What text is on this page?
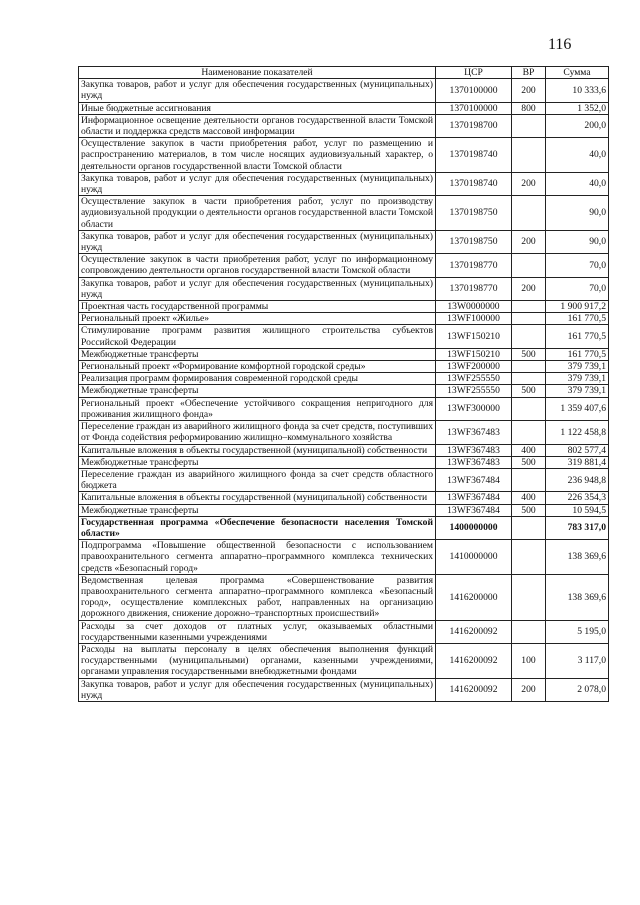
116
Наименование показателей	ЦСР	ВР	Сумма
Закупка товаров, работ и услуг для обеспечения государственных (муниципальных) нужд	1370100000	200	10 333,6
Иные бюджетные ассигнования	1370100000	800	1 352,0
Информационное освещение деятельности органов государственной власти Томской области и поддержка средств массовой информации	1370198700		200,0
Осуществление закупок в части приобретения работ, услуг по размещению и распространению материалов, в том числе носящих аудиовизуальный характер, о деятельности органов государственной власти Томской области	1370198740		40,0
Закупка товаров, работ и услуг для обеспечения государственных (муниципальных) нужд	1370198740	200	40,0
Осуществление закупок в части приобретения работ, услуг по производству аудиовизуальной продукции о деятельности органов государственной власти Томской области	1370198750		90,0
Закупка товаров, работ и услуг для обеспечения государственных (муниципальных) нужд	1370198750	200	90,0
Осуществление закупок в части приобретения работ, услуг по информационному сопровождению деятельности органов государственной власти Томской области	1370198770		70,0
Закупка товаров, работ и услуг для обеспечения государственных (муниципальных) нужд	1370198770	200	70,0
Проектная часть государственной программы	13W0000000		1 900 917,2
Региональный проект «Жилье»	13WF100000		161 770,5
Стимулирование программ развития жилищного строительства субъектов Российской Федерации	13WF150210		161 770,5
Межбюджетные трансферты	13WF150210	500	161 770,5
Региональный проект «Формирование комфортной городской среды»	13WF200000		379 739,1
Реализация программ формирования современной городской среды	13WF255550		379 739,1
Межбюджетные трансферты	13WF255550	500	379 739,1
Региональный проект «Обеспечение устойчивого сокращения непригодного для проживания жилищного фонда»	13WF300000		1 359 407,6
Переселение граждан из аварийного жилищного фонда за счет средств, поступивших от Фонда содействия реформированию жилищно–коммунального хозяйства	13WF367483		1 122 458,8
Капитальные вложения в объекты государственной (муниципальной) собственности	13WF367483	400	802 577,4
Межбюджетные трансферты	13WF367483	500	319 881,4
Переселение граждан из аварийного жилищного фонда за счет средств областного бюджета	13WF367484		236 948,8
Капитальные вложения в объекты государственной (муниципальной) собственности	13WF367484	400	226 354,3
Межбюджетные трансферты	13WF367484	500	10 594,5
Государственная программа «Обеспечение безопасности населения Томской области»	1400000000		783 317,0
Подпрограмма «Повышение общественной безопасности с использованием правоохранительного сегмента аппаратно–программного комплекса технических средств «Безопасный город»	1410000000		138 369,6
Ведомственная целевая программа «Совершенствование развития правоохранительного сегмента аппаратно–программного комплекса «Безопасный город», осуществление комплексных работ, направленных на организацию дорожного движения, снижение дорожно–транспортных происшествий»	1416200000		138 369,6
Расходы за счет доходов от платных услуг, оказываемых областными государственными казенными учреждениями	1416200092		5 195,0
Расходы на выплаты персоналу в целях обеспечения выполнения функций государственными (муниципальными) органами, казенными учреждениями, органами управления государственными внебюджетными фондами	1416200092	100	3 117,0
Закупка товаров, работ и услуг для обеспечения государственных (муниципальных) нужд	1416200092	200	2 078,0
